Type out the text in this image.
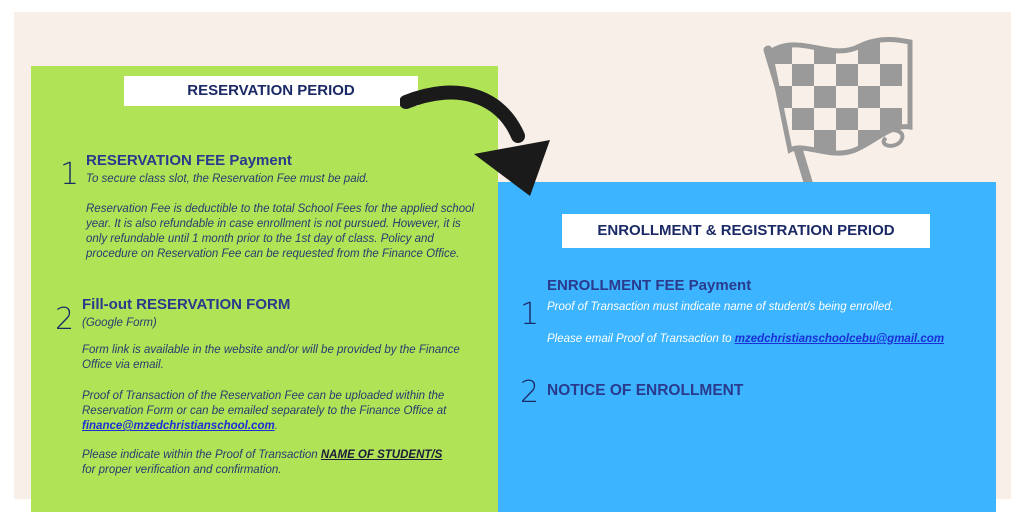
RESERVATION PERIOD
1 RESERVATION FEE Payment

To secure class slot, the Reservation Fee must be paid.

Reservation Fee is deductible to the total School Fees for the applied school year. It is also refundable in case enrollment is not pursued. However, it is only refundable until 1 month prior to the 1st day of class. Policy and procedure on Reservation Fee can be requested from the Finance Office.

2 Fill-out RESERVATION FORM

(Google Form)

Form link is available in the website and/or will be provided by the Finance Office via email.

Proof of Transaction of the Reservation Fee can be uploaded within the Reservation Form or can be emailed separately to the Finance Office at
finance@mzedchristianschool.com.

Please indicate within the Proof of Transaction NAME OF STUDENT/S
for proper verification and confirmation.

ENROLLMENT & REGISTRATION PERIOD
1
ENROLLMENT FEE Payment

Proof of Transaction must indicate name of student/s being enrolled.

Please email Proof of Transaction to mzedchristianschoolcebu@gmail.com

2 NOTICE OF ENROLLMENT
